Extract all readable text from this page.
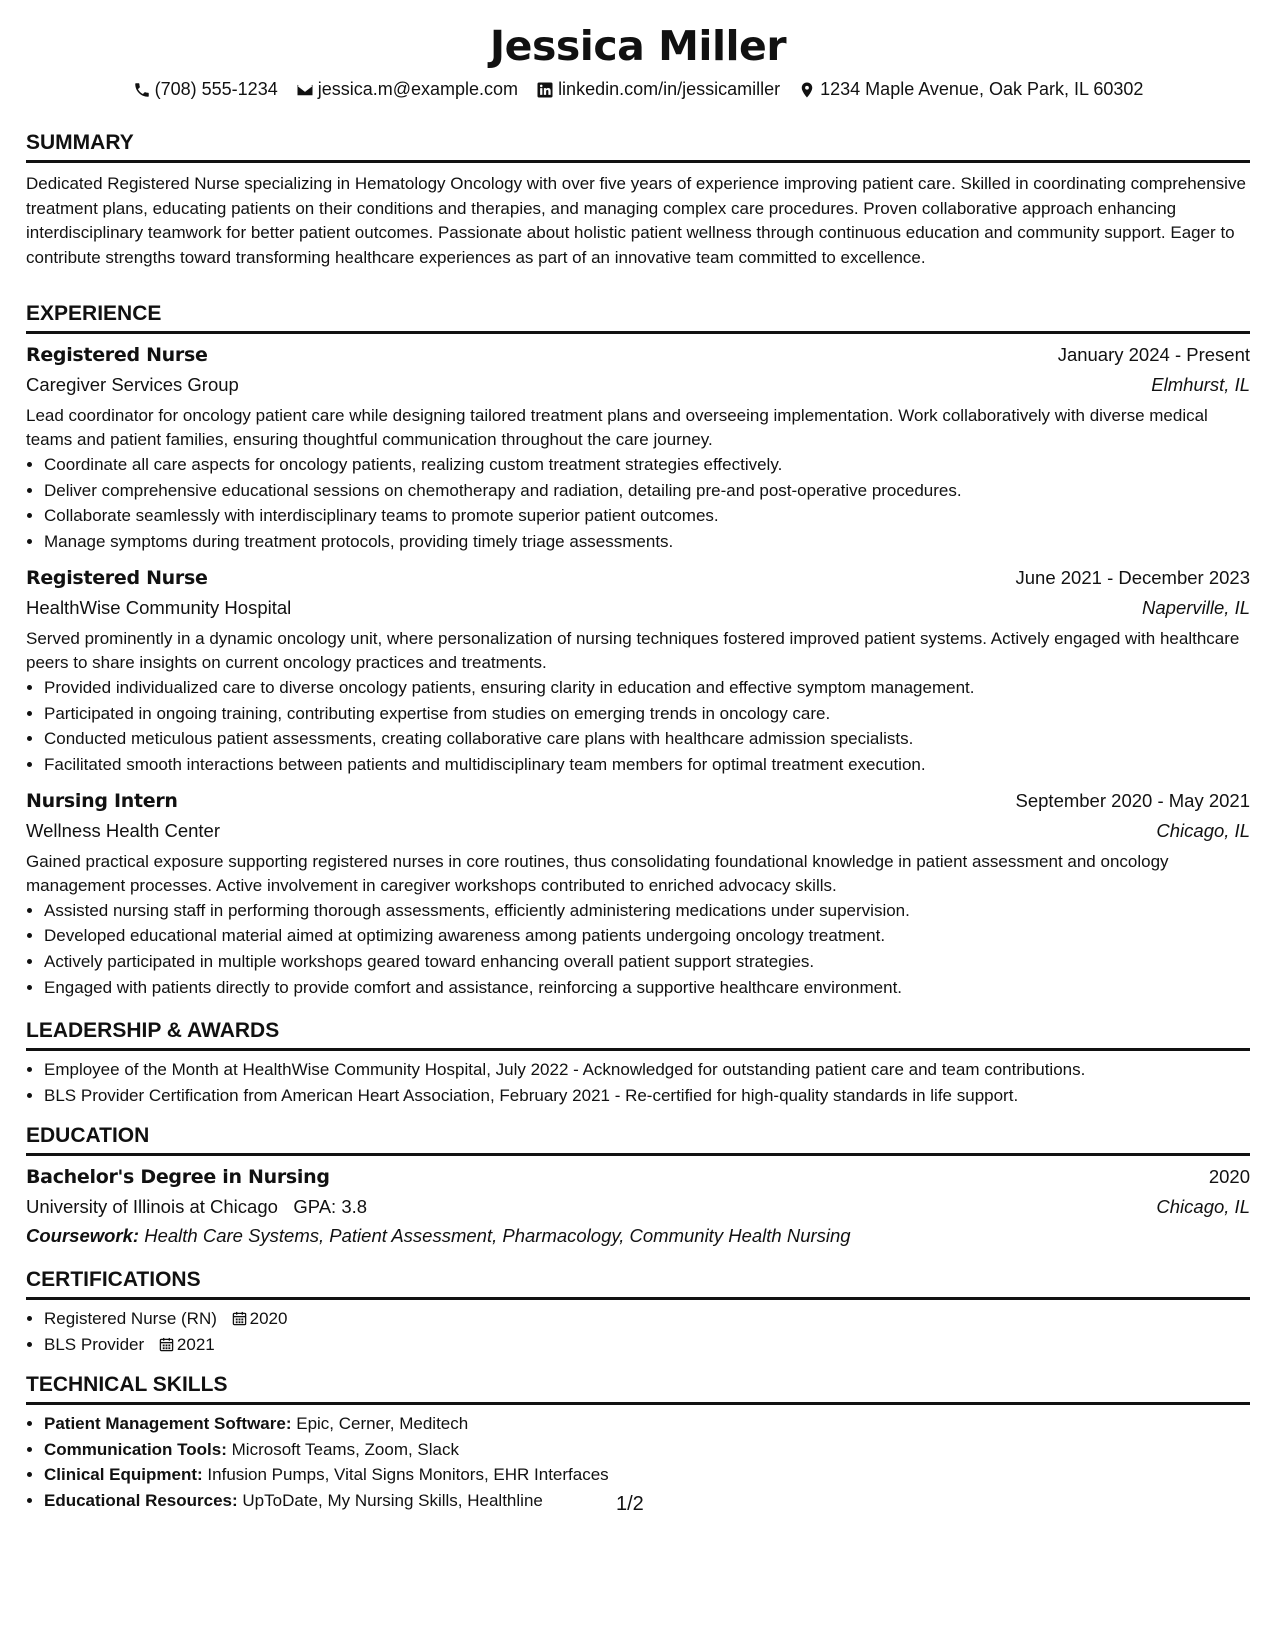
Jessica Miller
(708) 555-1234 jessica.m@example.com linkedin.com/in/jessicamiller 1234 Maple Avenue, Oak Park, IL 60302
SUMMARY
Dedicated Registered Nurse specializing in Hematology Oncology with over five years of experience improving patient care. Skilled in coordinating comprehensive treatment plans, educating patients on their conditions and therapies, and managing complex care procedures. Proven collaborative approach enhancing interdisciplinary teamwork for better patient outcomes. Passionate about holistic patient wellness through continuous education and community support. Eager to contribute strengths toward transforming healthcare experiences as part of an innovative team committed to excellence.
EXPERIENCE
Registered Nurse	January 2024 - Present
Caregiver Services Group	Elmhurst, IL
Lead coordinator for oncology patient care while designing tailored treatment plans and overseeing implementation. Work collaboratively with diverse medical teams and patient families, ensuring thoughtful communication throughout the care journey.
• Coordinate all care aspects for oncology patients, realizing custom treatment strategies effectively.
• Deliver comprehensive educational sessions on chemotherapy and radiation, detailing pre-and post-operative procedures.
• Collaborate seamlessly with interdisciplinary teams to promote superior patient outcomes.
• Manage symptoms during treatment protocols, providing timely triage assessments.
Registered Nurse	June 2021 - December 2023
HealthWise Community Hospital	Naperville, IL
Served prominently in a dynamic oncology unit, where personalization of nursing techniques fostered improved patient systems. Actively engaged with healthcare peers to share insights on current oncology practices and treatments.
• Provided individualized care to diverse oncology patients, ensuring clarity in education and effective symptom management.
• Participated in ongoing training, contributing expertise from studies on emerging trends in oncology care.
• Conducted meticulous patient assessments, creating collaborative care plans with healthcare admission specialists.
• Facilitated smooth interactions between patients and multidisciplinary team members for optimal treatment execution.
Nursing Intern	September 2020 - May 2021
Wellness Health Center	Chicago, IL
Gained practical exposure supporting registered nurses in core routines, thus consolidating foundational knowledge in patient assessment and oncology management processes. Active involvement in caregiver workshops contributed to enriched advocacy skills.
• Assisted nursing staff in performing thorough assessments, efficiently administering medications under supervision.
• Developed educational material aimed at optimizing awareness among patients undergoing oncology treatment.
• Actively participated in multiple workshops geared toward enhancing overall patient support strategies.
• Engaged with patients directly to provide comfort and assistance, reinforcing a supportive healthcare environment.
LEADERSHIP & AWARDS
• Employee of the Month at HealthWise Community Hospital, July 2022 - Acknowledged for outstanding patient care and team contributions.
• BLS Provider Certification from American Heart Association, February 2021 - Re-certified for high-quality standards in life support.
EDUCATION
Bachelor's Degree in Nursing	2020
University of Illinois at Chicago GPA: 3.8	Chicago, IL
Coursework: Health Care Systems, Patient Assessment, Pharmacology, Community Health Nursing
CERTIFICATIONS
• Registered Nurse (RN) 2020
• BLS Provider 2021
TECHNICAL SKILLS
• Patient Management Software: Epic, Cerner, Meditech
• Communication Tools: Microsoft Teams, Zoom, Slack
• Clinical Equipment: Infusion Pumps, Vital Signs Monitors, EHR Interfaces
• Educational Resources: UpToDate, My Nursing Skills, Healthline	1/2
